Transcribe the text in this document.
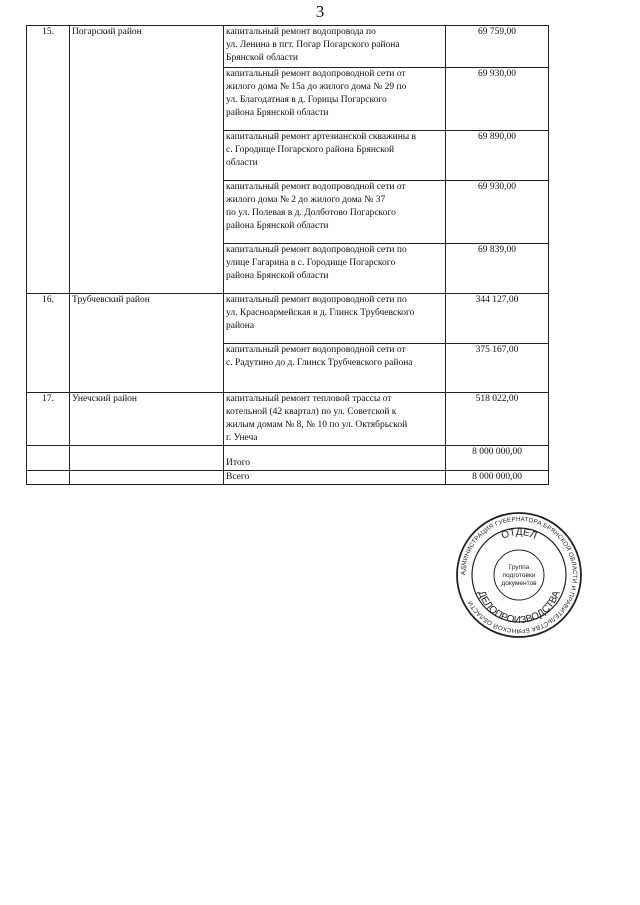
3
15.	Погарский район	капитальный ремонт водопровода по
ул. Ленина в пгт. Погар Погарского района
Брянской области	69 759,00
		капитальный ремонт водопроводной сети от
жилого дома № 15а до жилого дома № 29 по
ул. Благодатная в д. Горицы Погарского
района Брянской области	69 930,00
		капитальный ремонт артезианской скважины в
с. Городище Погарского района Брянской
области	69 890,00
		капитальный ремонт водопроводной сети от
жилого дома № 2 до жилого дома № 37
по ул. Полевая в д. Долботово Погарского
района Брянской области	69 930,00
		капитальный ремонт водопроводной сети по
улице Гагарина в с. Городище Погарского
района Брянской области	69 839,00
16.	Трубчевский район	капитальный ремонт водопроводной сети по
ул. Красноармейская в д. Глинск Трубчевского
района	344 127,00
		капитальный ремонт водопроводной сети от
с. Радутино до д. Глинск Трубчевского района	375 167,00
17.	Унечский район	капитальный ремонт тепловой трассы от
котельной (42 квартал) по ул. Советской к
жилым домам № 8, № 10 по ул. Октябрьской
г. Унеча	518 022,00
		Итого	8 000 000,00
		Всего	8 000 000,00
АДМИНИСТРАЦИЯ ГУБЕРНАТОРА БРЯНСКОЙ ОБЛАСТИ И ПРАВИТЕЛЬСТВА БРЯНСКОЙ ОБЛАСТИ
ОТДЕЛ
ДЕЛОПРОИЗВОДСТВА
Группа
подготовки
документов
